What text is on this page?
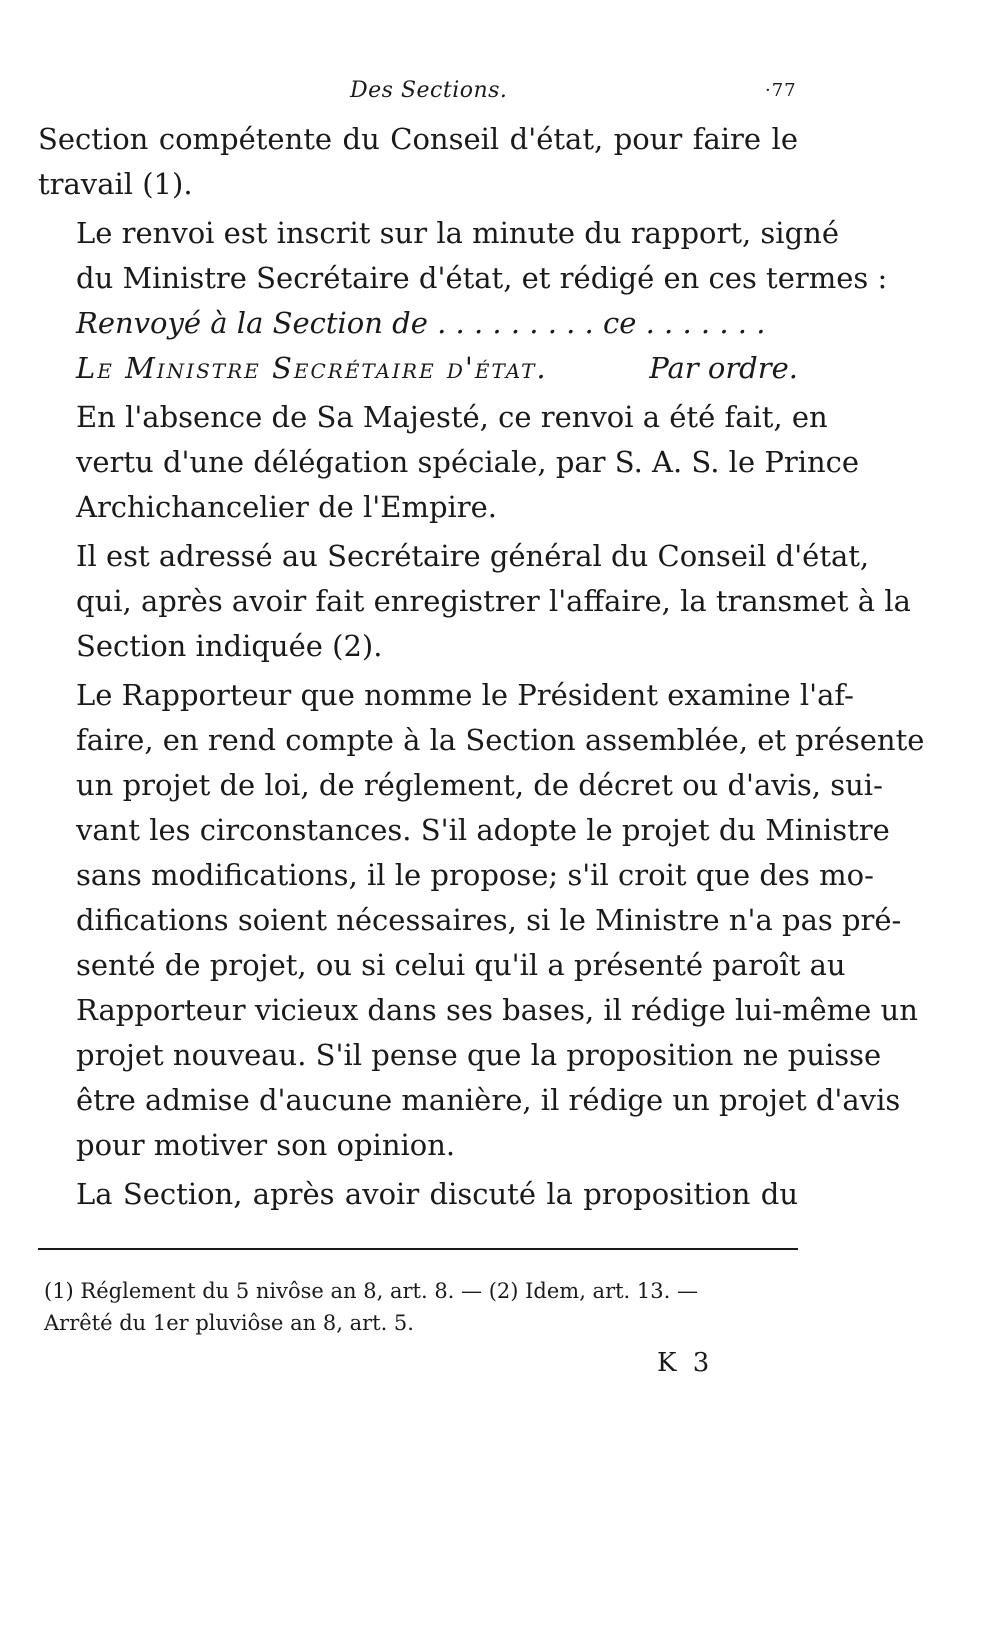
Des Sections.	·77

Section compétente du Conseil d'état, pour faire le
travail (1).

Le renvoi est inscrit sur la minute du rapport, signé
du Ministre Secrétaire d'état, et rédigé en ces termes :
Renvoyé à la Section de . . . . . . . . . ce . . . . . . .
Par ordre.
Le Ministre Secrétaire d'état.

En l'absence de Sa Majesté, ce renvoi a été fait, en
vertu d'une délégation spéciale, par S. A. S. le Prince
Archichancelier de l'Empire.

Il est adressé au Secrétaire général du Conseil d'état,
qui, après avoir fait enregistrer l'affaire, la transmet à la
Section indiquée (2).

Le Rapporteur que nomme le Président examine l'af-
faire, en rend compte à la Section assemblée, et présente
un projet de loi, de réglement, de décret ou d'avis, sui-
vant les circonstances. S'il adopte le projet du Ministre
sans modifications, il le propose; s'il croit que des mo-
difications soient nécessaires, si le Ministre n'a pas pré-
senté de projet, ou si celui qu'il a présenté paroît au
Rapporteur vicieux dans ses bases, il rédige lui-même un
projet nouveau. S'il pense que la proposition ne puisse
être admise d'aucune manière, il rédige un projet d'avis
pour motiver son opinion.

La Section, après avoir discuté la proposition du

(1) Réglement du 5 nivôse an 8, art. 8. — (2) Idem, art. 13. —
Arrêté du 1er pluviôse an 8, art. 5.
K 3
